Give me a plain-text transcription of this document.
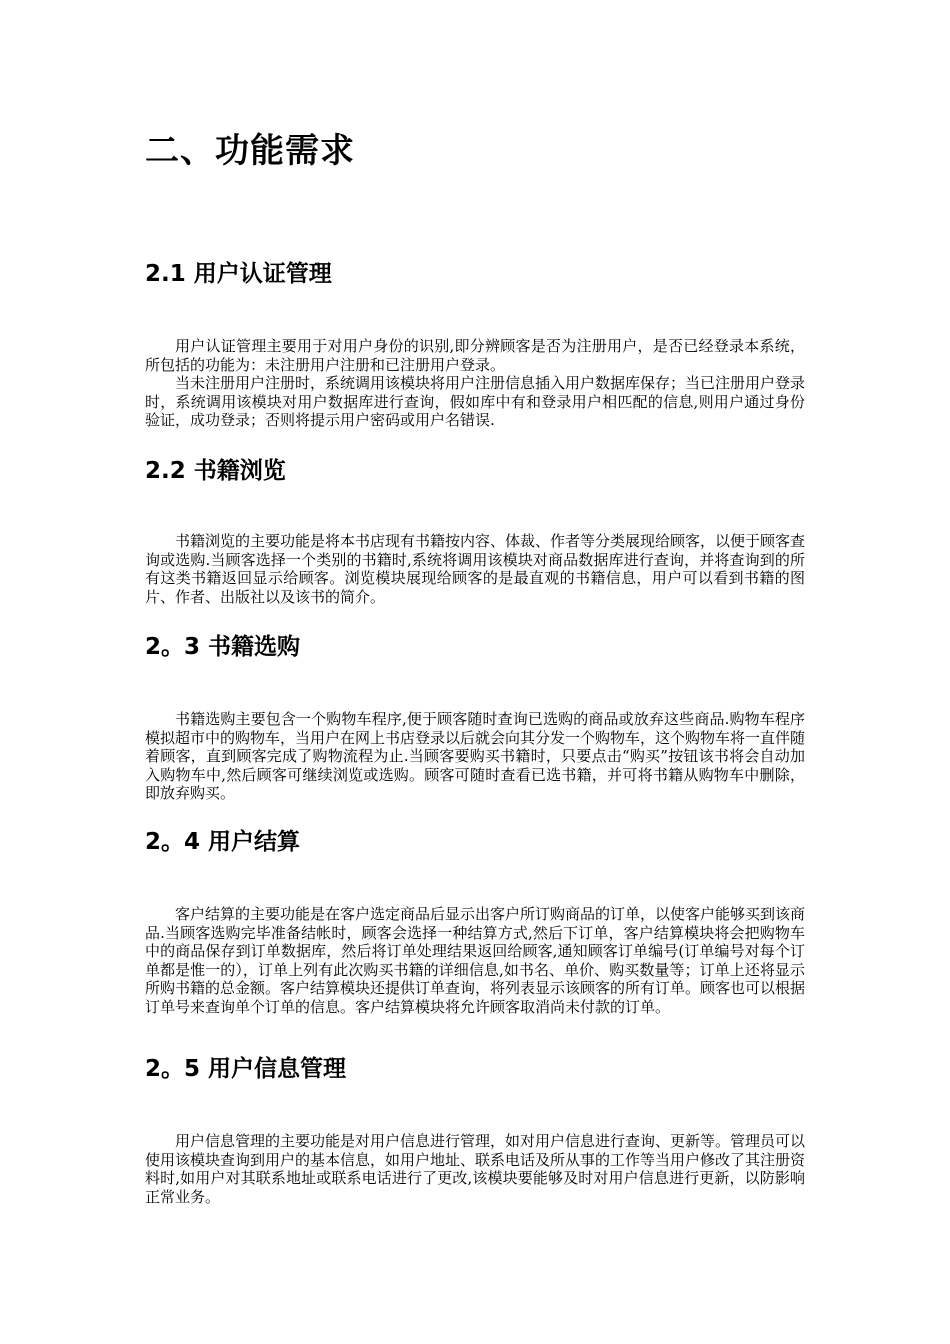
二、功能需求
2.1 用户认证管理

用户认证管理主要用于对用户身份的识别,即分辨顾客是否为注册用户，是否已经登录本系统，所包括的功能为：未注册用户注册和已注册用户登录。

当未注册用户注册时，系统调用该模块将用户注册信息插入用户数据库保存；当已注册用户登录时，系统调用该模块对用户数据库进行查询，假如库中有和登录用户相匹配的信息,则用户通过身份验证，成功登录；否则将提示用户密码或用户名错误.

2.2 书籍浏览

书籍浏览的主要功能是将本书店现有书籍按内容、体裁、作者等分类展现给顾客，以便于顾客查询或选购.当顾客选择一个类别的书籍时,系统将调用该模块对商品数据库进行查询，并将查询到的所有这类书籍返回显示给顾客。浏览模块展现给顾客的是最直观的书籍信息，用户可以看到书籍的图片、作者、出版社以及该书的简介。

2。3 书籍选购

书籍选购主要包含一个购物车程序,便于顾客随时查询已选购的商品或放弃这些商品.购物车程序模拟超市中的购物车，当用户在网上书店登录以后就会向其分发一个购物车，这个购物车将一直伴随着顾客，直到顾客完成了购物流程为止.当顾客要购买书籍时，只要点击“购买”按钮该书将会自动加入购物车中,然后顾客可继续浏览或选购。顾客可随时查看已选书籍，并可将书籍从购物车中删除，即放弃购买。

2。4 用户结算

客户结算的主要功能是在客户选定商品后显示出客户所订购商品的订单，以使客户能够买到该商品.当顾客选购完毕准备结帐时，顾客会选择一种结算方式,然后下订单，客户结算模块将会把购物车中的商品保存到订单数据库，然后将订单处理结果返回给顾客,通知顾客订单编号(订单编号对每个订单都是惟一的），订单上列有此次购买书籍的详细信息,如书名、单价、购买数量等；订单上还将显示所购书籍的总金额。客户结算模块还提供订单查询，将列表显示该顾客的所有订单。顾客也可以根据订单号来查询单个订单的信息。客户结算模块将允许顾客取消尚未付款的订单。

2。5 用户信息管理

用户信息管理的主要功能是对用户信息进行管理，如对用户信息进行查询、更新等。管理员可以使用该模块查询到用户的基本信息，如用户地址、联系电话及所从事的工作等当用户修改了其注册资料时,如用户对其联系地址或联系电话进行了更改,该模块要能够及时对用户信息进行更新，以防影响正常业务。
